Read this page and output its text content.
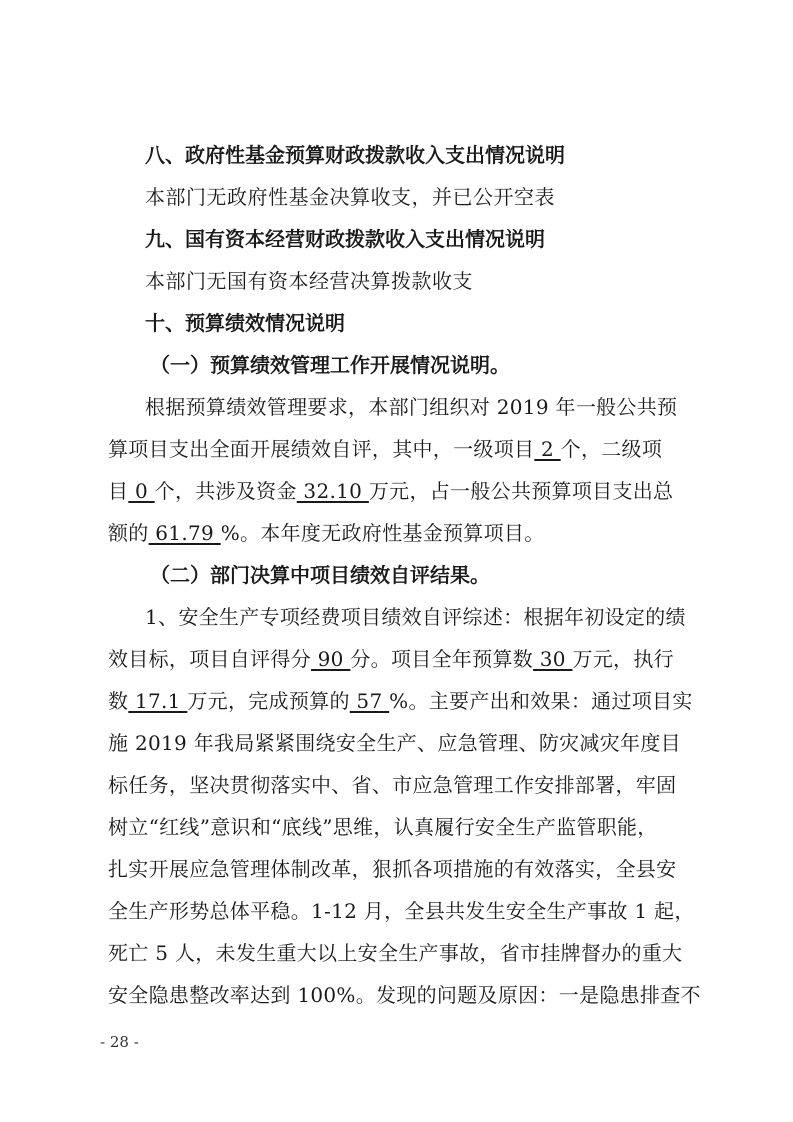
八、政府性基金预算财政拨款收入支出情况说明
本部门无政府性基金决算收支，并已公开空表
九、国有资本经营财政拨款收入支出情况说明
本部门无国有资本经营决算拨款收支
十、预算绩效情况说明
（一）预算绩效管理工作开展情况说明。
根据预算绩效管理要求，本部门组织对 2019 年一般公共预
算项目支出全面开展绩效自评，其中，一级项目 2 个，二级项
目 0 个，共涉及资金 32.10 万元，占一般公共预算项目支出总
额的 61.79 %。本年度无政府性基金预算项目。
（二）部门决算中项目绩效自评结果。
1、安全生产专项经费项目绩效自评综述：根据年初设定的绩
效目标，项目自评得分 90 分。项目全年预算数 30 万元，执行
数 17.1 万元，完成预算的 57 %。主要产出和效果：通过项目实
施 2019 年我局紧紧围绕安全生产、应急管理、防灾减灾年度目
标任务，坚决贯彻落实中、省、市应急管理工作安排部署，牢固
树立“红线”意识和“底线”思维，认真履行安全生产监管职能，
扎实开展应急管理体制改革，狠抓各项措施的有效落实，全县安
全生产形势总体平稳。1-12 月，全县共发生安全生产事故 1 起，
死亡 5 人，未发生重大以上安全生产事故，省市挂牌督办的重大
安全隐患整改率达到 100%。发现的问题及原因：一是隐患排查不
- 28 -
